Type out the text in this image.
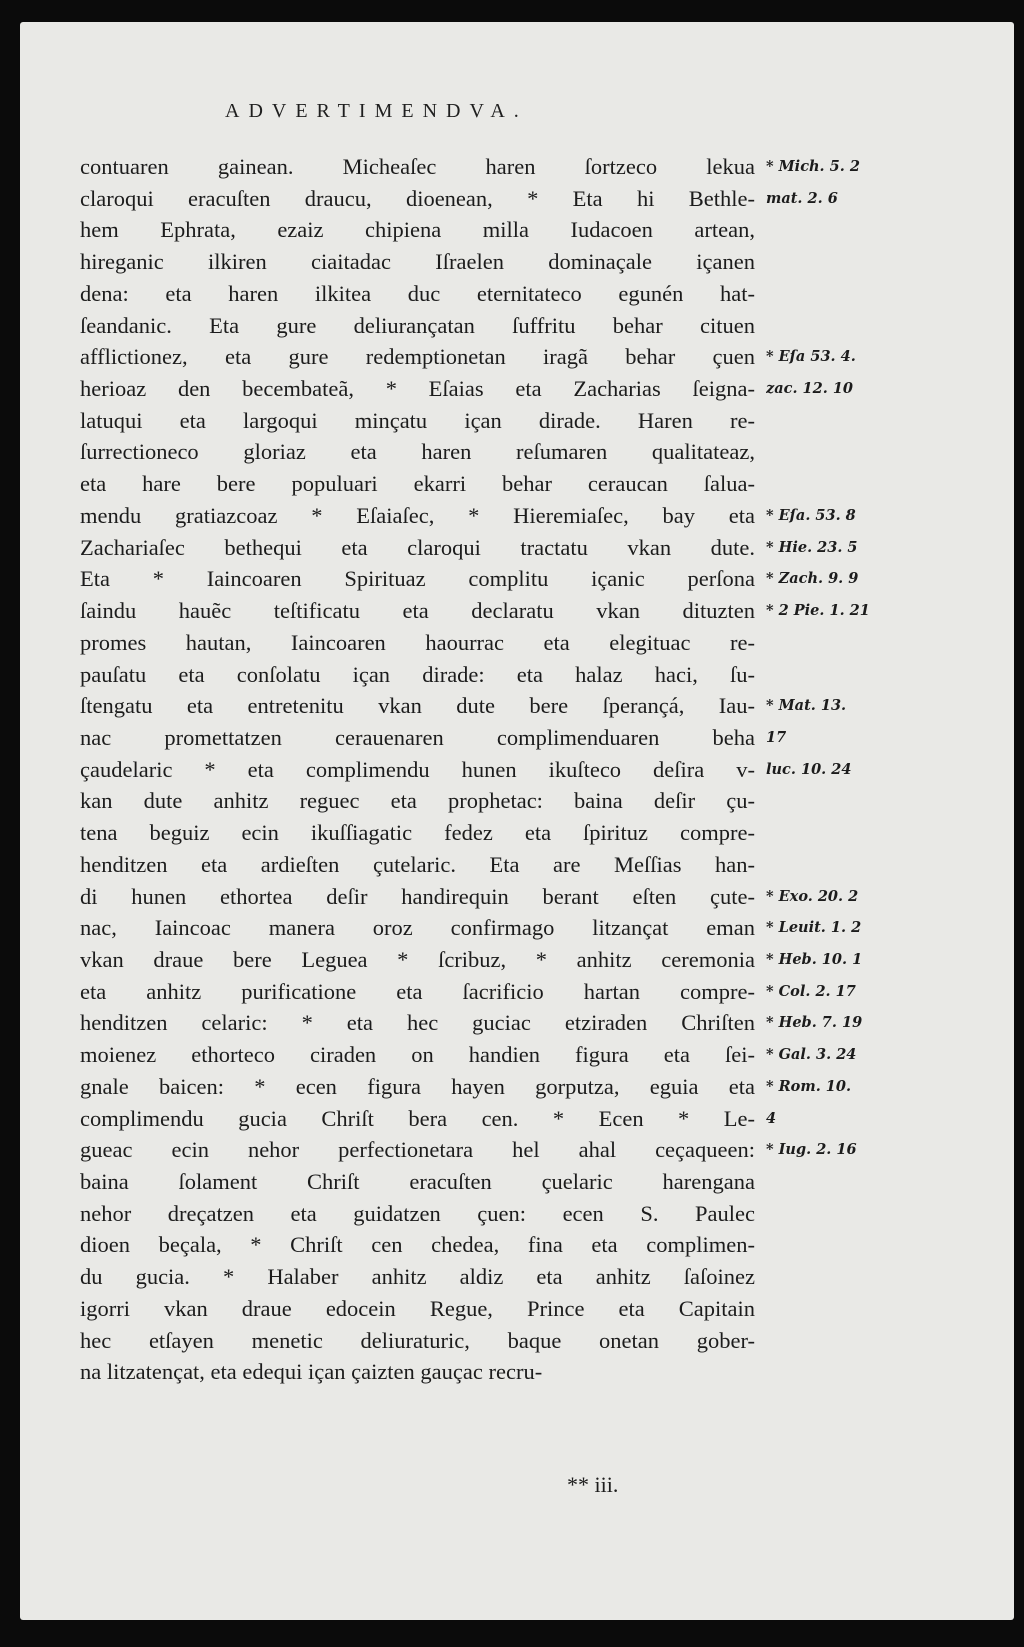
ADVERTIMENDVA.
contuaren gainean. Micheaſec haren ſortzeco lekua
claroqui eracuſten draucu, dioenean, * Eta hi Bethle-
hem Ephrata, ezaiz chipiena milla Iudacoen artean,
hireganic ilkiren ciaitadac Iſraelen dominaçale içanen
dena: eta haren ilkitea duc eternitateco egunén hat-
ſeandanic. Eta gure deliurançatan ſuffritu behar cituen
afflictionez, eta gure redemptionetan iragã behar çuen
herioaz den becembateã, * Eſaias eta Zacharias ſeigna-
latuqui eta largoqui minçatu içan dirade. Haren re-
ſurrectioneco gloriaz eta haren reſumaren qualitateaz,
eta hare bere populuari ekarri behar ceraucan ſalua-
mendu gratiazcoaz * Eſaiaſec, * Hieremiaſec, bay eta
Zachariaſec bethequi eta claroqui tractatu vkan dute.
Eta * Iaincoaren Spirituaz complitu içanic perſona
ſaindu hauẽc teſtificatu eta declaratu vkan dituzten
promes hautan, Iaincoaren haourrac eta elegituac re-
pauſatu eta conſolatu içan dirade: eta halaz haci, ſu-
ſtengatu eta entretenitu vkan dute bere ſperançá, Iau-
nac promettatzen cerauenaren complimenduaren beha
çaudelaric * eta complimendu hunen ikuſteco deſira v-
kan dute anhitz reguec eta prophetac: baina deſir çu-
tena beguiz ecin ikuſſiagatic fedez eta ſpirituz compre-
henditzen eta ardieſten çutelaric. Eta are Meſſias han-
di hunen ethortea deſir handirequin berant eſten çute-
nac, Iaincoac manera oroz confirmago litzançat eman
vkan draue bere Leguea * ſcribuz, * anhitz ceremonia
eta anhitz purificatione eta ſacrificio hartan compre-
henditzen celaric: * eta hec guciac etziraden Chriſten
moienez ethorteco ciraden on handien figura eta ſei-
gnale baicen: * ecen figura hayen gorputza, eguia eta
complimendu gucia Chriſt bera cen. * Ecen * Le-
gueac ecin nehor perfectionetara hel ahal ceçaqueen:
baina ſolament Chriſt eracuſten çuelaric harengana
nehor dreçatzen eta guidatzen çuen: ecen S. Paulec
dioen beçala, * Chriſt cen chedea, fina eta complimen-
du gucia. * Halaber anhitz aldiz eta anhitz ſaſoinez
igorri vkan draue edocein Regue, Prince eta Capitain
hec etſayen menetic deliuraturic, baque onetan gober-
na litzatençat, eta edequi içan çaizten gauçac recru-
* Mich. 5. 2
mat. 2. 6
* Eſa 53. 4.
zac. 12. 10
* Eſa. 53. 8
* Hie. 23. 5
* Zach. 9. 9
* 2 Pie. 1. 21
* Mat. 13.
17
luc. 10. 24
* Exo. 20. 2
* Leuit. 1. 2
* Heb. 10. 1
* Col. 2. 17
* Heb. 7. 19
* Gal. 3. 24
* Rom. 10.
4
* Iug. 2. 16
** iii.
